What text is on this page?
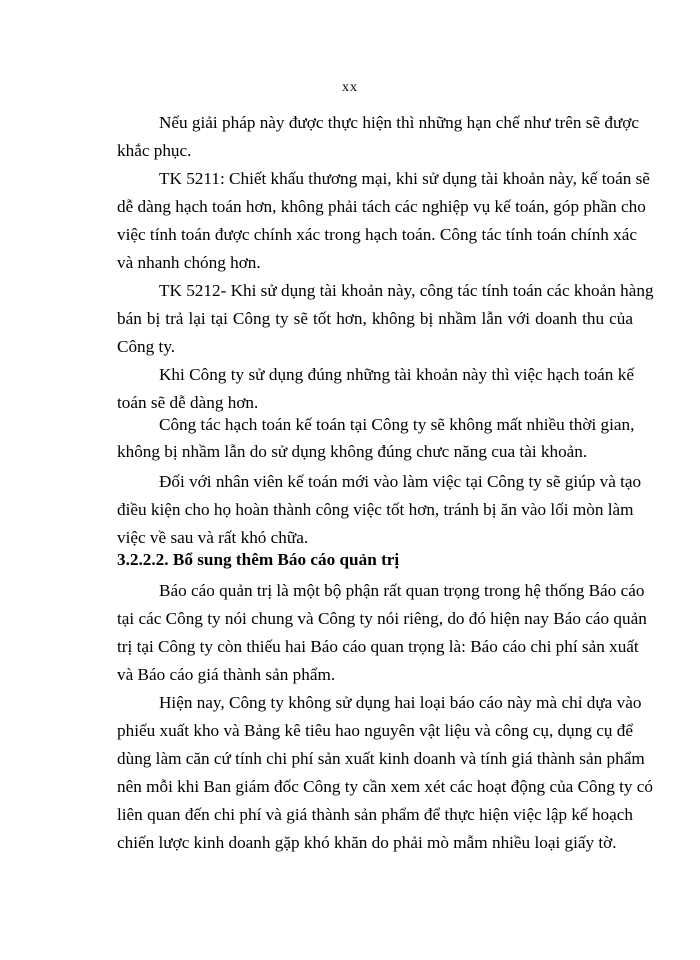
xx
Nếu giải pháp này được thực hiện thì những hạn chế như trên sẽ được
khắc phục.
TK 5211: Chiết khấu thương mại, khi sử dụng tài khoản này, kế toán sẽ
dễ dàng hạch toán hơn, không phải tách các nghiệp vụ kế toán, góp phần cho
việc tính toán được chính xác trong hạch toán. Công tác tính toán chính xác
và nhanh chóng hơn.
TK 5212- Khi sử dụng tài khoản này, công tác tính toán các khoản hàng
bán bị trả lại tại Công ty sẽ tốt hơn, không bị nhầm lẫn với doanh thu của
Công ty.
Khi Công ty sử dụng đúng những tài khoản này thì việc hạch toán kế
toán sẽ dễ dàng hơn.
Công tác hạch toán kế toán tại Công ty sẽ không mất nhiều thời gian,
không bị nhầm lẫn do sử dụng không đúng chưc năng cua tài khoản.
Đối với nhân viên kế toán mới vào làm việc tại Công ty sẽ giúp và tạo
điều kiện cho họ hoàn thành công việc tốt hơn, tránh bị ăn vào lối mòn làm
việc về sau và rất khó chữa.
3.2.2.2. Bổ sung thêm Báo cáo quản trị
Báo cáo quản trị là một bộ phận rất quan trọng trong hệ thống Báo cáo
tại các Công ty nói chung và Công ty nói riêng, do đó hiện nay Báo cáo quản
trị tại Công ty còn thiếu hai Báo cáo quan trọng là: Báo cáo chi phí sản xuất
và Báo cáo giá thành sản phẩm.
Hiện nay, Công ty không sử dụng hai loại báo cáo này mà chỉ dựa vào
phiếu xuất kho và Bảng kê tiêu hao nguyên vật liệu và công cụ, dụng cụ để
dùng làm căn cứ tính chi phí sản xuất kinh doanh và tính giá thành sản phẩm
nên mỗi khi Ban giám đốc Công ty cần xem xét các hoạt động của Công ty có
liên quan đến chi phí và giá thành sản phẩm để thực hiện việc lập kế hoạch
chiến lược kinh doanh gặp khó khăn do phải mò mẫm nhiều loại giấy tờ.
